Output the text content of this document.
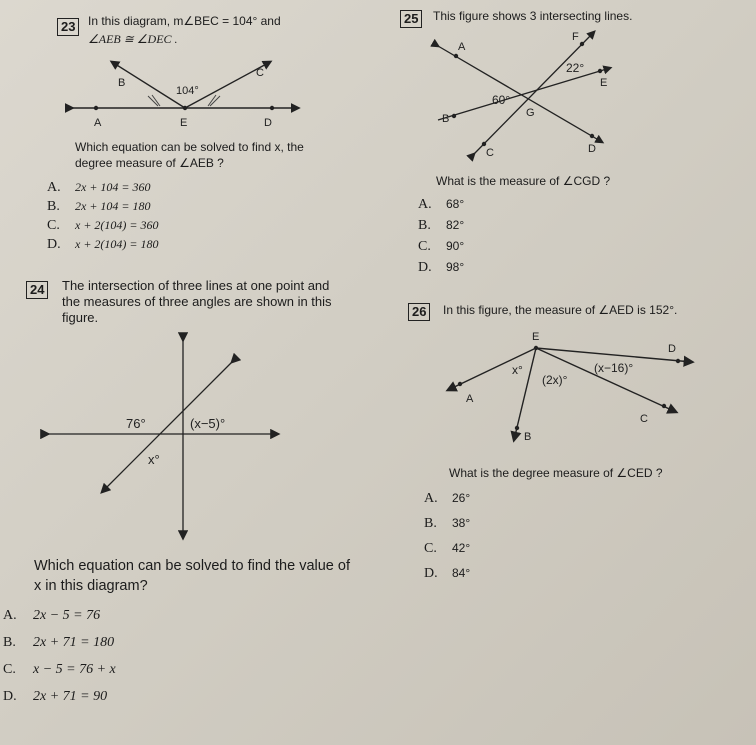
23	In this diagram, m∠BEC = 104° and
∠AEB ≅ ∠DEC .
B
C
104°
A	E	D
Which equation can be solved to find x, the
degree measure of ∠AEB ?
A. 2x + 104 = 360
B. 2x + 104 = 180
C. x + 2(104) = 360
D. x + 2(104) = 180
24	The intersection of three lines at one point and
the measures of three angles are shown in this
figure.
76°	(x−5)°
x°
Which equation can be solved to find the value of
x in this diagram?
A. 2x − 5 = 76
B. 2x + 71 = 180
C. x − 5 = 76 + x
D. 2x + 71 = 90
25	This figure shows 3 intersecting lines.
A
F
E
22°
60°
G
B
C	D
What is the measure of ∠CGD ?
A. 68°
B. 82°
C. 90°
D. 98°
26	In this figure, the measure of ∠AED is 152°.
E
D
x°
(2x)°
(x−16)°
A
C
B
What is the degree measure of ∠CED ?
A. 26°
B. 38°
C. 42°
D. 84°
